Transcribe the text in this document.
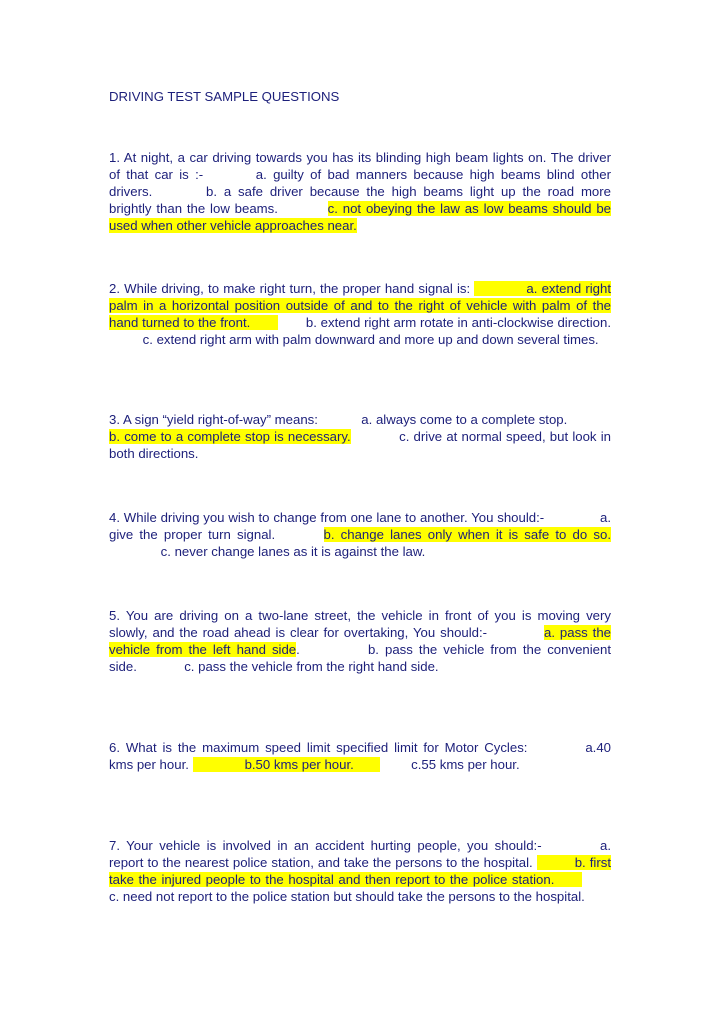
DRIVING TEST SAMPLE QUESTIONS
1. At night, a car driving towards you has its blinding high beam lights on. The driver of that car is :-	a. guilty of bad manners because high beams blind other drivers.	b. a safe driver because the high beams light up the road more brightly than the low beams.	c. not obeying the law as low beams should be used when other vehicle approaches near.
2. While driving, to make right turn, the proper hand signal is:	a. extend right palm in a horizontal position outside of and to the right of vehicle with palm of the hand turned to the front.	b. extend right arm rotate in anti-clockwise direction.  c. extend right arm with palm downward and more up and down several times.
3. A sign “yield right-of-way” means:	a. always come to a complete stop.  b. come to a complete stop is necessary.	c. drive at normal speed, but look in both directions.
4. While driving you wish to change from one lane to another. You should:-	a. give the proper turn signal.	b. change lanes only when it is safe to do so.  c. never change lanes as it is against the law.
5. You are driving on a two-lane street, the vehicle in front of you is moving very slowly, and the road ahead is clear for overtaking, You should:-	a. pass the vehicle from the left hand side.	b. pass the vehicle from the convenient side.	c. pass the vehicle from the right hand side.
6. What is the maximum speed limit specified limit for Motor Cycles:	a.40 kms per hour.	b.50 kms per hour.	c.55 kms per hour.
7. Your vehicle is involved in an accident hurting people, you should:-	a. report to the nearest police station, and take the persons to the hospital.	b. first take the injured people to the hospital and then report to the police station.  c. need not report to the police station but should take the persons to the hospital.
